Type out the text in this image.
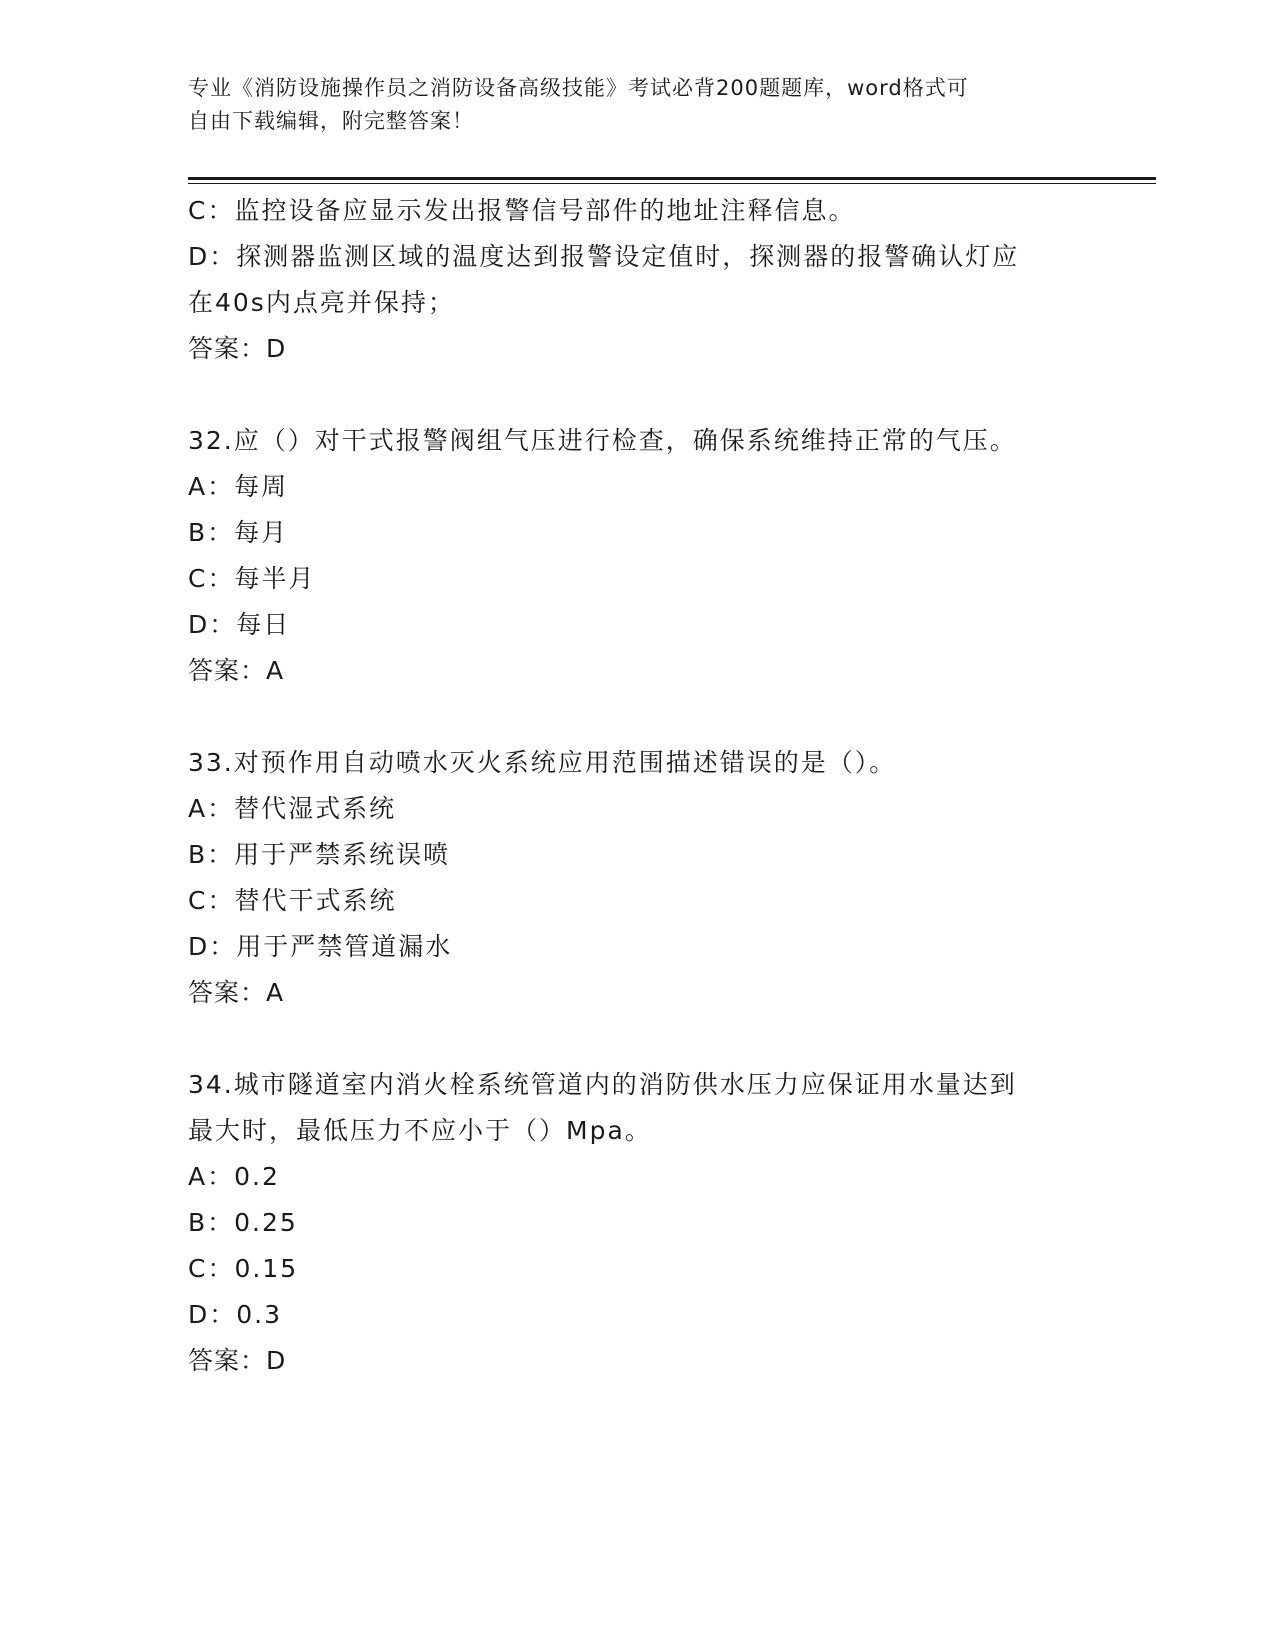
专业《消防设施操作员之消防设备高级技能》考试必背200题题库，word格式可
自由下载编辑，附完整答案！
C：监控设备应显示发出报警信号部件的地址注释信息。
D：探测器监测区域的温度达到报警设定值时，探测器的报警确认灯应
在40s内点亮并保持；
答案：D
32.应（）对干式报警阀组气压进行检查，确保系统维持正常的气压。
A：每周
B：每月
C：每半月
D：每日
答案：A
33.对预作用自动喷水灭火系统应用范围描述错误的是（）。
A：替代湿式系统
B：用于严禁系统误喷
C：替代干式系统
D：用于严禁管道漏水
答案：A
34.城市隧道室内消火栓系统管道内的消防供水压力应保证用水量达到
最大时，最低压力不应小于（）Mpa。
A：0.2
B：0.25
C：0.15
D：0.3
答案：D
